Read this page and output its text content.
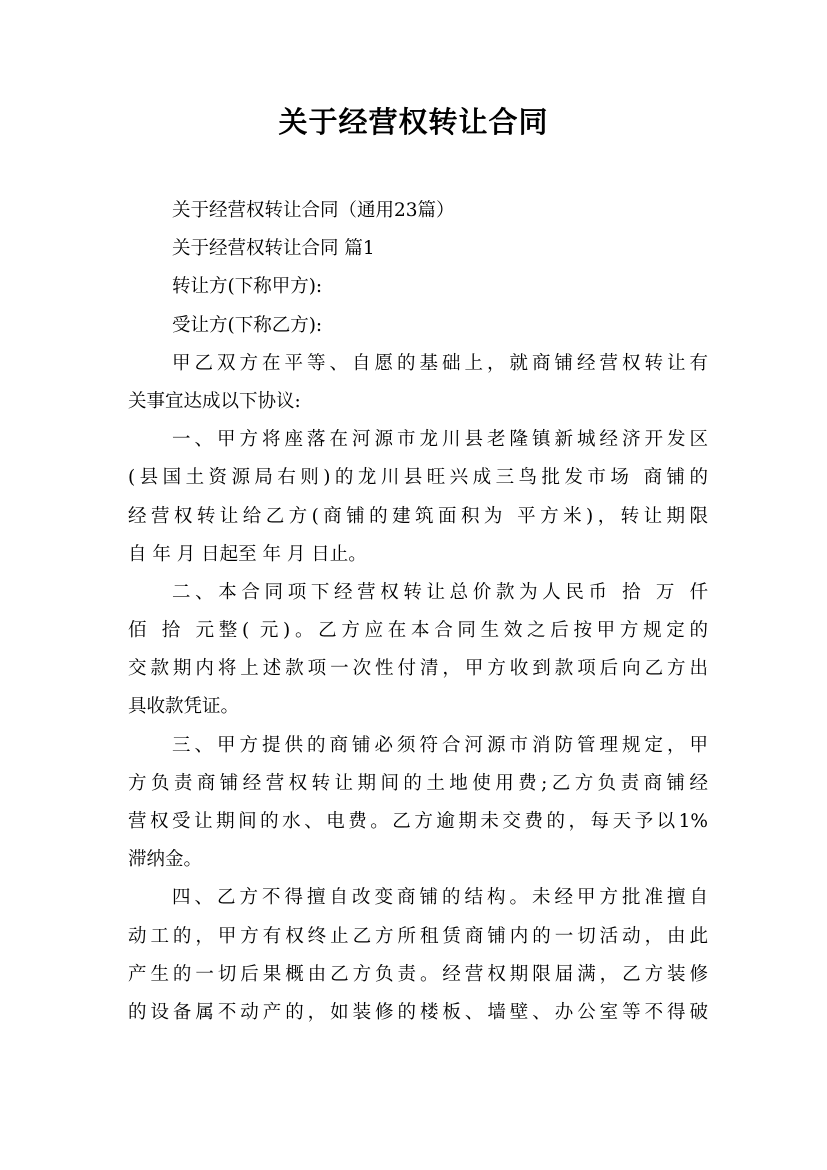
关于经营权转让合同
关于经营权转让合同（通用23篇）
关于经营权转让合同 篇1
转让方(下称甲方):
受让方(下称乙方):
甲乙双方在平等、自愿的基础上，就商铺经营权转让有
关事宜达成以下协议:
一、甲方将座落在河源市龙川县老隆镇新城经济开发区
(县国土资源局右则)的龙川县旺兴成三鸟批发市场 商铺的
经营权转让给乙方(商铺的建筑面积为 平方米)，转让期限
自 年 月 日起至 年 月 日止。
二、本合同项下经营权转让总价款为人民币 拾 万 仟
佰 拾 元整( 元)。乙方应在本合同生效之后按甲方规定的
交款期内将上述款项一次性付清，甲方收到款项后向乙方出
具收款凭证。
三、甲方提供的商铺必须符合河源市消防管理规定，甲
方负责商铺经营权转让期间的土地使用费;乙方负责商铺经
营权受让期间的水、电费。乙方逾期未交费的，每天予以1%
滞纳金。
四、乙方不得擅自改变商铺的结构。未经甲方批准擅自
动工的，甲方有权终止乙方所租赁商铺内的一切活动，由此
产生的一切后果概由乙方负责。经营权期限届满，乙方装修
的设备属不动产的，如装修的楼板、墙壁、办公室等不得破
